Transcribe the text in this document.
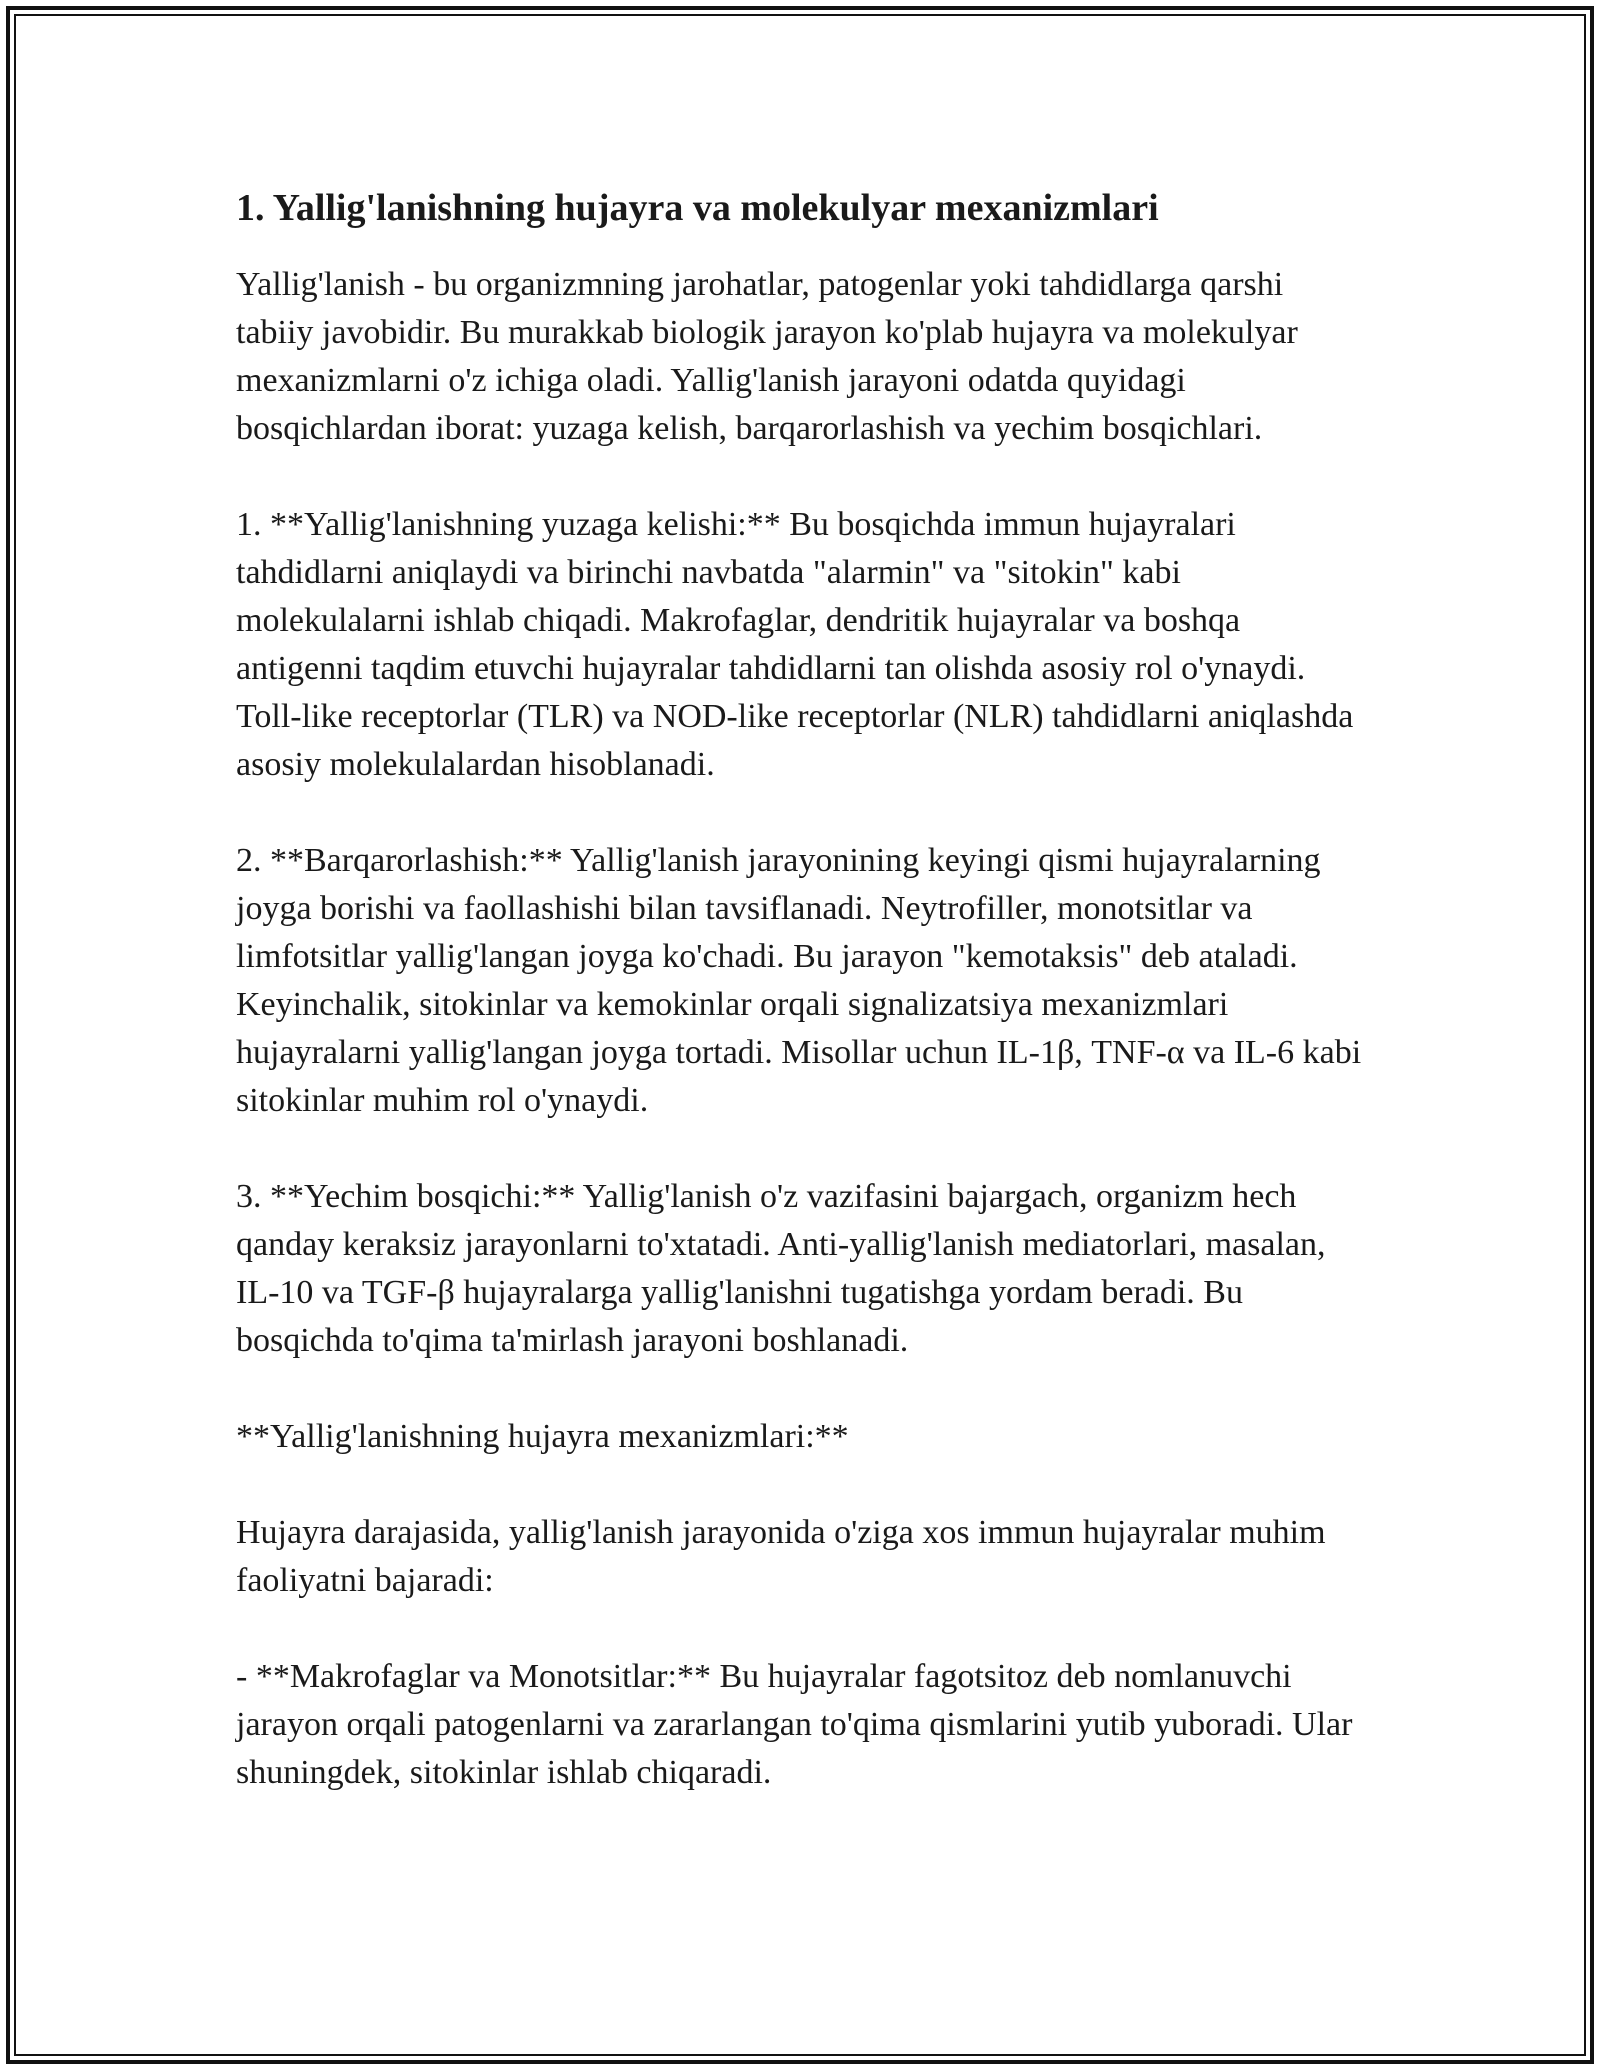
1. Yallig'lanishning hujayra va molekulyar mexanizmlari

Yallig'lanish - bu organizmning jarohatlar, patogenlar yoki tahdidlarga qarshi tabiiy javobidir. Bu murakkab biologik jarayon ko'plab hujayra va molekulyar mexanizmlarni o'z ichiga oladi. Yallig'lanish jarayoni odatda quyidagi bosqichlardan iborat: yuzaga kelish, barqarorlashish va yechim bosqichlari.

1. **Yallig'lanishning yuzaga kelishi:** Bu bosqichda immun hujayralari tahdidlarni aniqlaydi va birinchi navbatda "alarmin" va "sitokin" kabi molekulalarni ishlab chiqadi. Makrofaglar, dendritik hujayralar va boshqa antigenni taqdim etuvchi hujayralar tahdidlarni tan olishda asosiy rol o'ynaydi. Toll-like receptorlar (TLR) va NOD-like receptorlar (NLR) tahdidlarni aniqlashda asosiy molekulalardan hisoblanadi.

2. **Barqarorlashish:** Yallig'lanish jarayonining keyingi qismi hujayralarning joyga borishi va faollashishi bilan tavsiflanadi. Neytrofiller, monotsitlar va limfotsitlar yallig'langan joyga ko'chadi. Bu jarayon "kemotaksis" deb ataladi. Keyinchalik, sitokinlar va kemokinlar orqali signalizatsiya mexanizmlari hujayralarni yallig'langan joyga tortadi. Misollar uchun IL-1β, TNF-α va IL-6 kabi sitokinlar muhim rol o'ynaydi.

3. **Yechim bosqichi:** Yallig'lanish o'z vazifasini bajargach, organizm hech qanday keraksiz jarayonlarni to'xtatadi. Anti-yallig'lanish mediatorlari, masalan, IL-10 va TGF-β hujayralarga yallig'lanishni tugatishga yordam beradi. Bu bosqichda to'qima ta'mirlash jarayoni boshlanadi.

**Yallig'lanishning hujayra mexanizmlari:**

Hujayra darajasida, yallig'lanish jarayonida o'ziga xos immun hujayralar muhim faoliyatni bajaradi:

- **Makrofaglar va Monotsitlar:** Bu hujayralar fagotsitoz deb nomlanuvchi jarayon orqali patogenlarni va zararlangan to'qima qismlarini yutib yuboradi. Ular shuningdek, sitokinlar ishlab chiqaradi.
